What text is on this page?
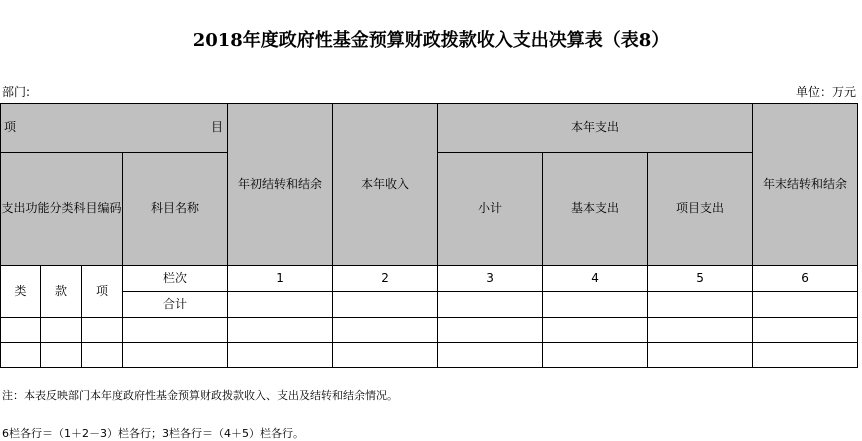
2018年度政府性基金预算财政拨款收入支出决算表（表8）
部门:	单位：万元
项 目				年初结转和结余	本年收入	本年支出			年末结转和结余
支出功能分类科目编码			科目名称			小计	基本支出	项目支出	
类	款	项	栏次	1	2	3	4	5	6
			合计						

注：本表反映部门本年度政府性基金预算财政拨款收入、支出及结转和结余情况。
6栏各行＝（1＋2－3）栏各行；3栏各行＝（4＋5）栏各行。
